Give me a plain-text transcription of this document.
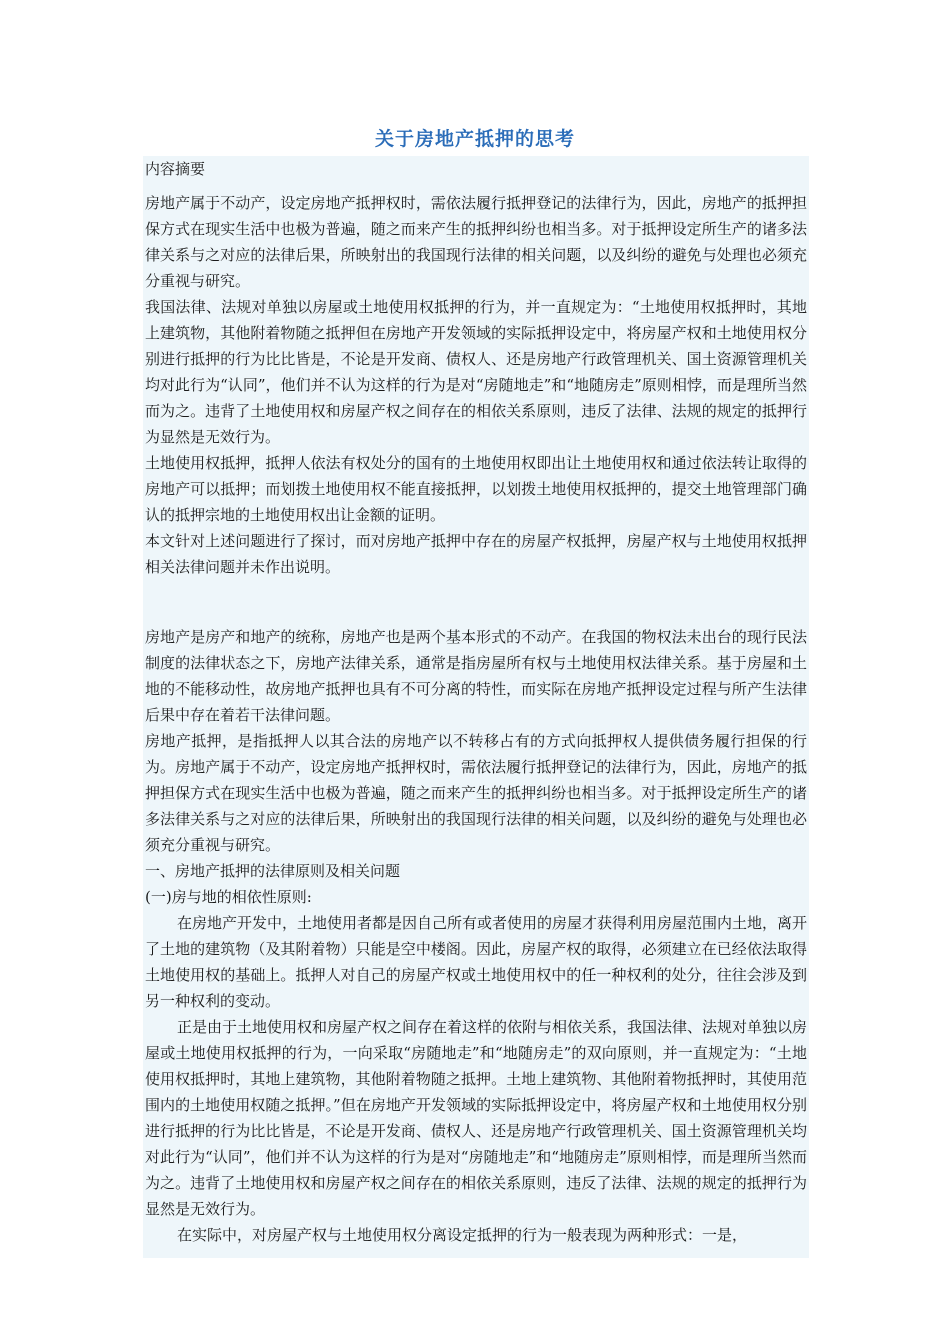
关于房地产抵押的思考

内容摘要

房地产属于不动产，设定房地产抵押权时，需依法履行抵押登记的法律行为，因此，房地产的抵押担保方式在现实生活中也极为普遍，随之而来产生的抵押纠纷也相当多。对于抵押设定所生产的诸多法律关系与之对应的法律后果，所映射出的我国现行法律的相关问题，以及纠纷的避免与处理也必须充分重视与研究。

我国法律、法规对单独以房屋或土地使用权抵押的行为，并一直规定为：“土地使用权抵押时，其地上建筑物，其他附着物随之抵押但在房地产开发领域的实际抵押设定中，将房屋产权和土地使用权分别进行抵押的行为比比皆是，不论是开发商、债权人、还是房地产行政管理机关、国土资源管理机关均对此行为“认同”，他们并不认为这样的行为是对“房随地走”和“地随房走”原则相悖，而是理所当然而为之。违背了土地使用权和房屋产权之间存在的相依关系原则，违反了法律、法规的规定的抵押行为显然是无效行为。

土地使用权抵押，抵押人依法有权处分的国有的土地使用权即出让土地使用权和通过依法转让取得的房地产可以抵押；而划拨土地使用权不能直接抵押，以划拨土地使用权抵押的，提交土地管理部门确认的抵押宗地的土地使用权出让金额的证明。

本文针对上述问题进行了探讨，而对房地产抵押中存在的房屋产权抵押，房屋产权与土地使用权抵押相关法律问题并未作出说明。

房地产是房产和地产的统称，房地产也是两个基本形式的不动产。在我国的物权法未出台的现行民法制度的法律状态之下，房地产法律关系，通常是指房屋所有权与土地使用权法律关系。基于房屋和土地的不能移动性，故房地产抵押也具有不可分离的特性，而实际在房地产抵押设定过程与所产生法律后果中存在着若干法律问题。

房地产抵押，是指抵押人以其合法的房地产以不转移占有的方式向抵押权人提供债务履行担保的行为。房地产属于不动产，设定房地产抵押权时，需依法履行抵押登记的法律行为，因此，房地产的抵押担保方式在现实生活中也极为普遍，随之而来产生的抵押纠纷也相当多。对于抵押设定所生产的诸多法律关系与之对应的法律后果，所映射出的我国现行法律的相关问题，以及纠纷的避免与处理也必须充分重视与研究。

一、房地产抵押的法律原则及相关问题

(一)房与地的相依性原则:

在房地产开发中，土地使用者都是因自己所有或者使用的房屋才获得利用房屋范围内土地，离开了土地的建筑物（及其附着物）只能是空中楼阁。因此，房屋产权的取得，必须建立在已经依法取得土地使用权的基础上。抵押人对自己的房屋产权或土地使用权中的任一种权利的处分，往往会涉及到另一种权利的变动。

正是由于土地使用权和房屋产权之间存在着这样的依附与相依关系，我国法律、法规对单独以房屋或土地使用权抵押的行为，一向采取“房随地走”和“地随房走”的双向原则，并一直规定为：“土地使用权抵押时，其地上建筑物，其他附着物随之抵押。土地上建筑物、其他附着物抵押时，其使用范围内的土地使用权随之抵押。”但在房地产开发领域的实际抵押设定中，将房屋产权和土地使用权分别进行抵押的行为比比皆是，不论是开发商、债权人、还是房地产行政管理机关、国土资源管理机关均对此行为“认同”，他们并不认为这样的行为是对“房随地走”和“地随房走”原则相悖，而是理所当然而为之。违背了土地使用权和房屋产权之间存在的相依关系原则，违反了法律、法规的规定的抵押行为显然是无效行为。

在实际中，对房屋产权与土地使用权分离设定抵押的行为一般表现为两种形式：一是，
